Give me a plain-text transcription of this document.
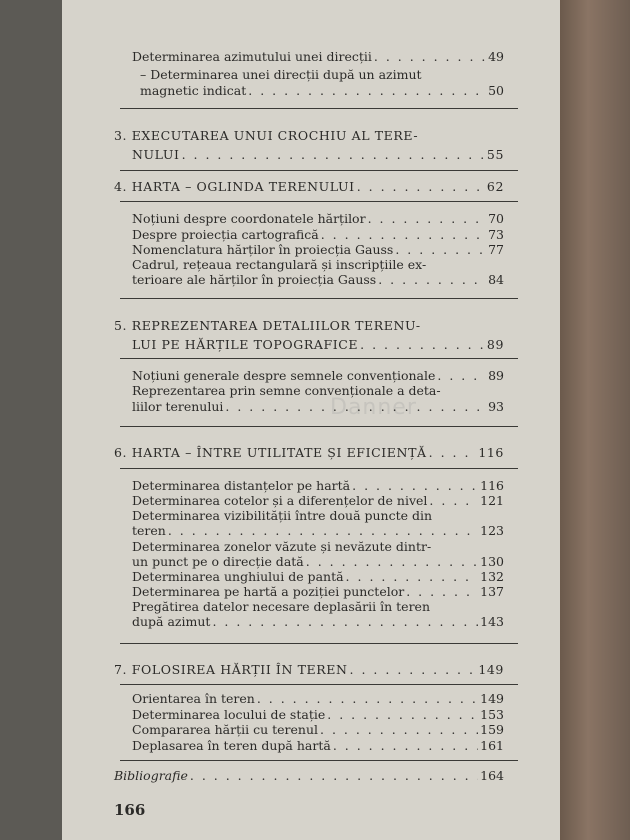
Danner
Determinarea azimutului unei direcții . . .	49
– Determinarea unei direcții după un azimut
magnetic indicat . . .	50
3. EXECUTAREA UNUI CROCHIU AL TERE-
NULUI . . .	55
4. HARTA – OGLINDA TERENULUI . . .	62
Noțiuni despre coordonatele hărților . . .	70
Despre proiecția cartografică . . .	73
Nomenclatura hărților în proiecția Gauss . . .	77
Cadrul, rețeaua rectangulară și inscripțiile ex-
terioare ale hărților în proiecția Gauss . . .	84
5. REPREZENTAREA DETALIILOR TERENU-
LUI PE HĂRȚILE TOPOGRAFICE . . .	89
Noțiuni generale despre semnele convenționale . . .	89
Reprezentarea prin semne convenționale a deta-
liilor terenului . . .	93
6. HARTA – ÎNTRE UTILITATE ȘI EFICIENȚĂ . . .	116
Determinarea distanțelor pe hartă . . .	116
Determinarea cotelor și a diferențelor de nivel . . .	121
Determinarea vizibilității între două puncte din
teren . . .	123
Determinarea zonelor văzute și nevăzute dintr-
un punct pe o direcție dată . . .	130
Determinarea unghiului de pantă . . .	132
Determinarea pe hartă a poziției punctelor . . .	137
Pregătirea datelor necesare deplasării în teren
după azimut . . .	143
7. FOLOSIREA HĂRȚII ÎN TEREN . . .	149
Orientarea în teren . . .	149
Determinarea locului de stație . . .	153
Compararea hărții cu terenul . . .	159
Deplasarea în teren după hartă . . .	161
Bibliografie . . .	164
166
